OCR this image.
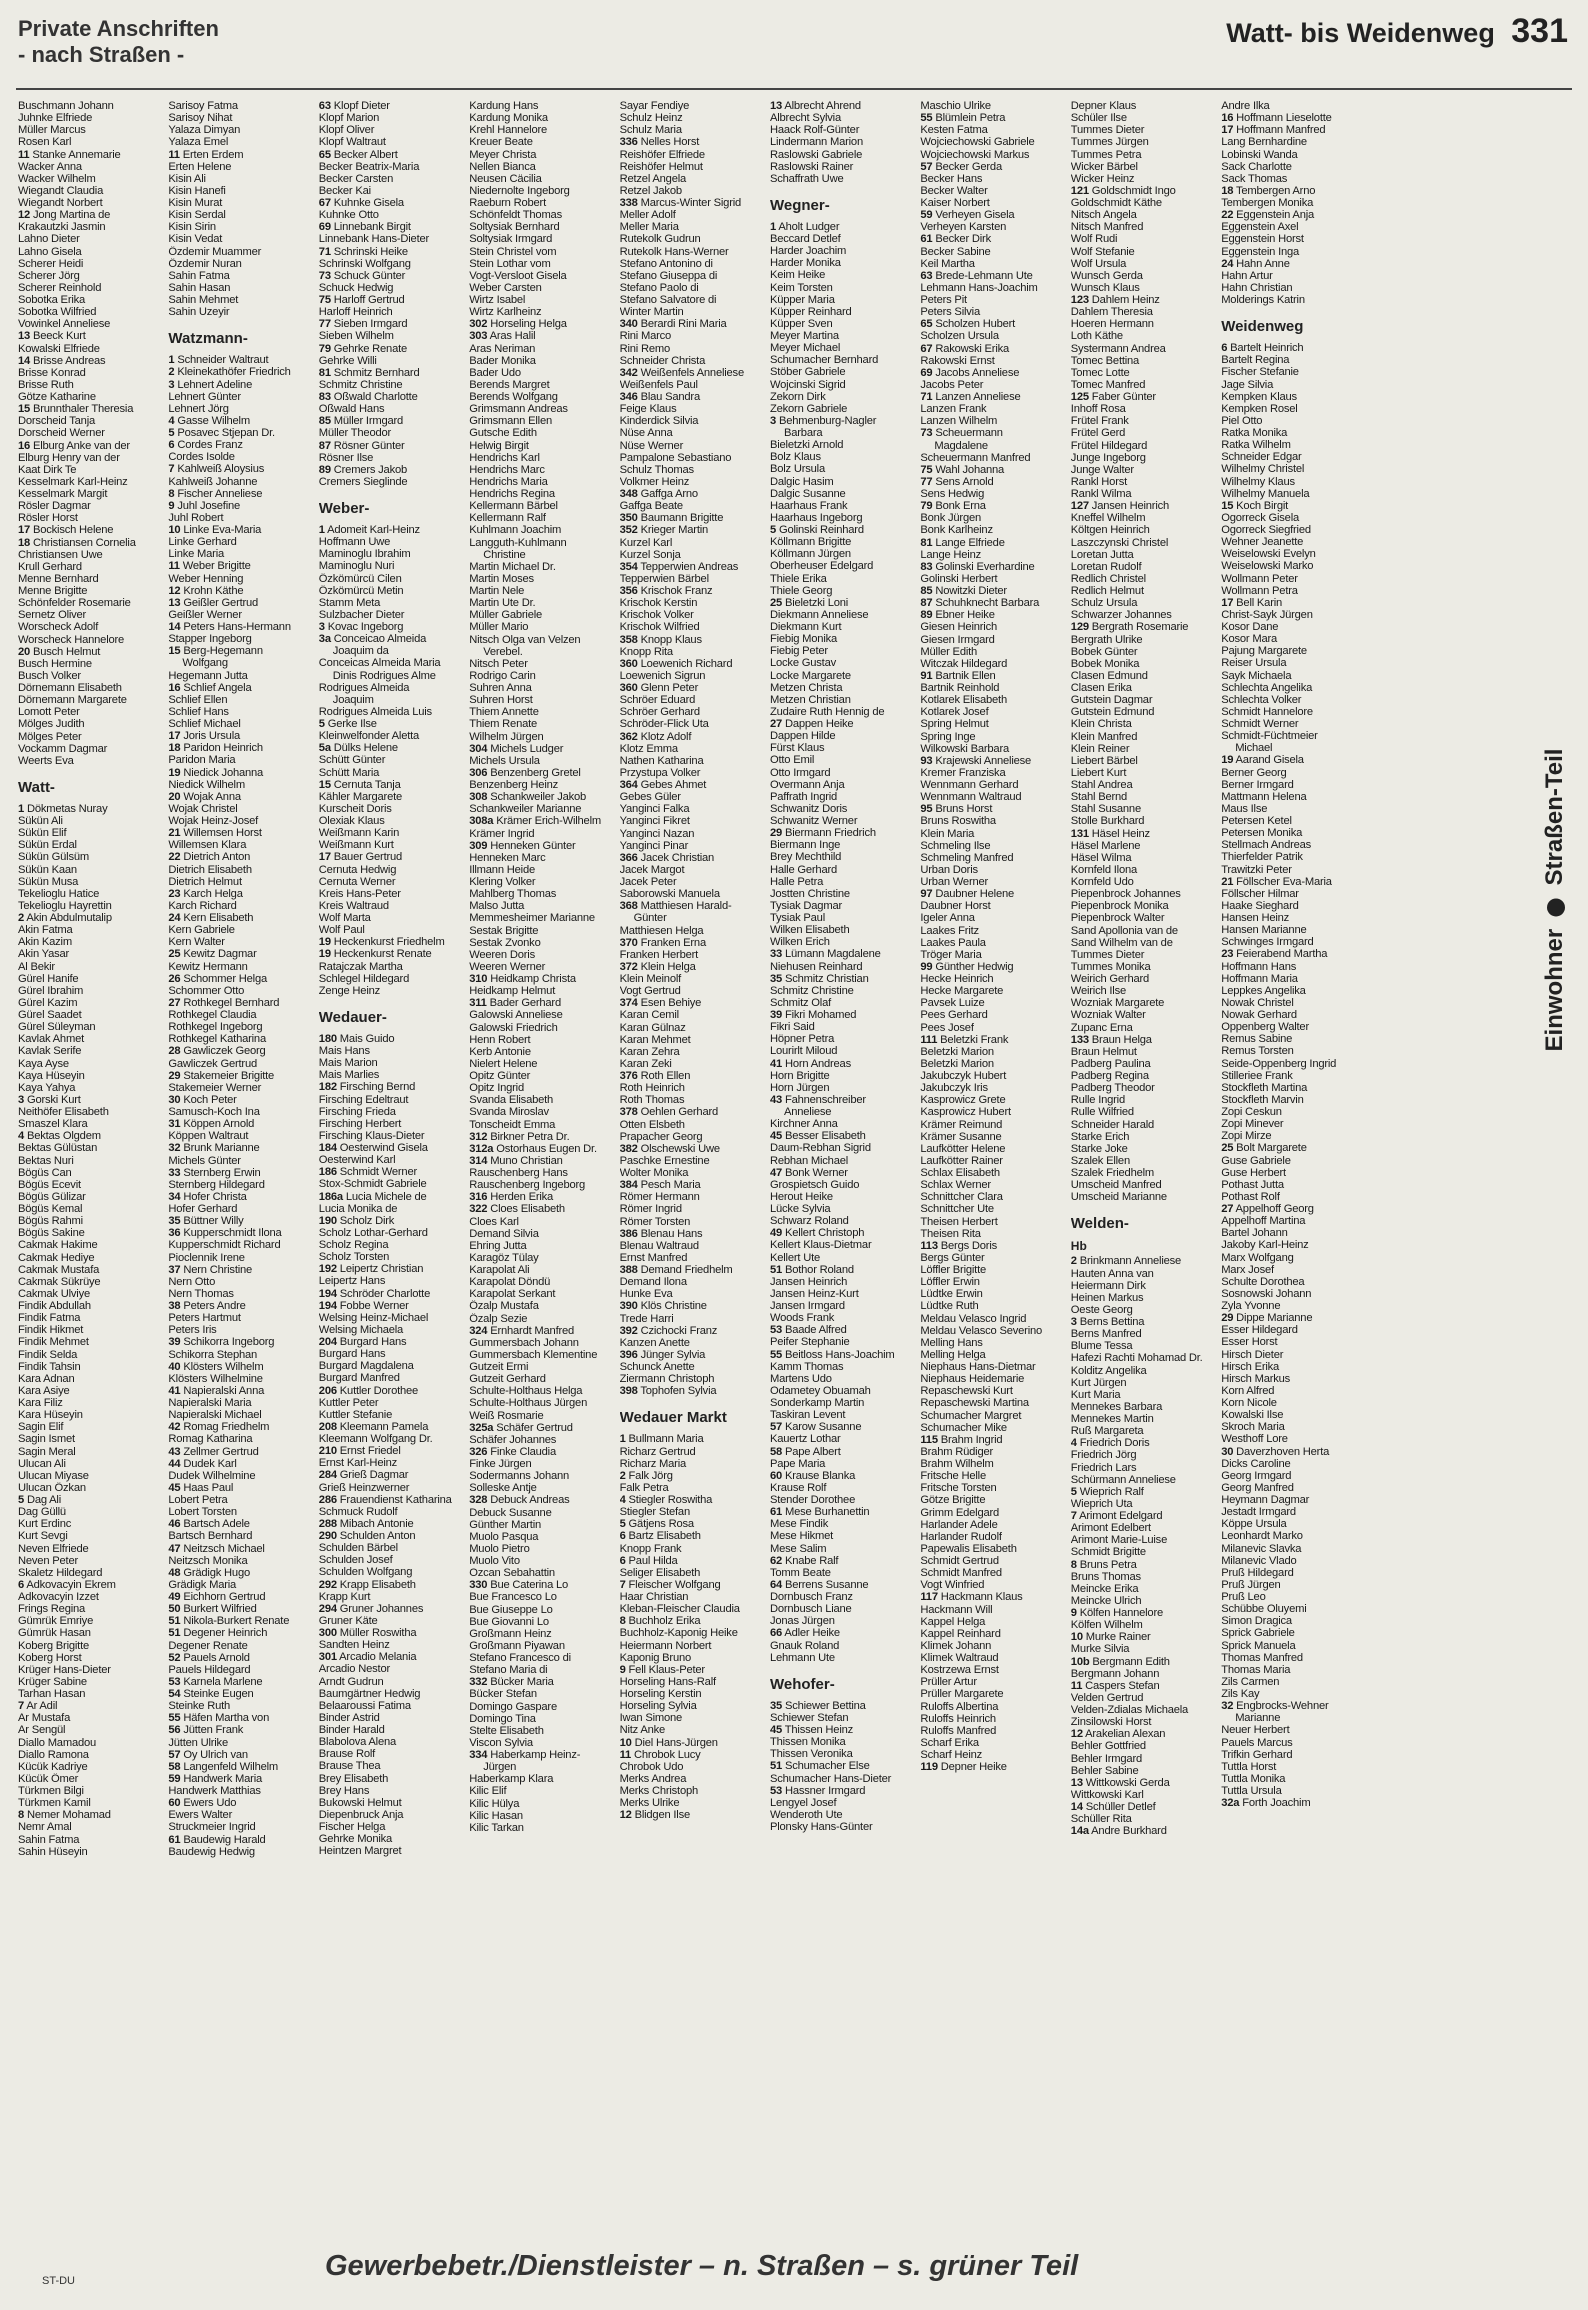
Private Anschriften
- nach Straßen -
Watt- bis Weidenweg 331
Buschmann Johann
Juhnke Elfriede
Müller Marcus
Rosen Karl
11 Stanke Annemarie
Wacker Anna
Wacker Wilhelm
Wiegandt Claudia
Wiegandt Norbert
12 Jong Martina de
Krakautzki Jasmin
Lahno Dieter
Lahno Gisela
Scherer Heidi
Scherer Jörg
Scherer Reinhold
Sobotka Erika
Sobotka Wilfried
Vowinkel Anneliese
13 Beeck Kurt
Kowalski Elfriede
14 Brisse Andreas
Brisse Konrad
Brisse Ruth
Götze Katharine
15 Brunnthaler Theresia
Dorscheid Tanja
Dorscheid Werner
16 Elburg Anke van der
Elburg Henry van der
Kaat Dirk Te
Kesselmark Karl-Heinz
Kesselmark Margit
Rösler Dagmar
Rösler Horst
17 Bockisch Helene
18 Christiansen Cornelia
Christiansen Uwe
Krull Gerhard
Menne Bernhard
Menne Brigitte
Schönfelder Rosemarie
Sernetz Oliver
Worscheck Adolf
Worscheck Hannelore
20 Busch Helmut
Busch Hermine
Busch Volker
Dörnemann Elisabeth
Dörnemann Margarete
Lomott Peter
Mölges Judith
Mölges Peter
Vockamm Dagmar
Weerts Eva
Watt-
1 Dökmetas Nuray
Sükün Ali
Sükün Elif
Sükün Erdal
Sükün Gülsüm
Sükün Kaan
Sükün Musa
Tekelioglu Hatice
Tekelioglu Hayrettin
2 Akin Abdulmutalip
Akin Fatma
Akin Kazim
Akin Yasar
Al Bekir
Gürel Hanife
Gürel Ibrahim
Gürel Kazim
Gürel Saadet
Gürel Süleyman
Kavlak Ahmet
Kavlak Serife
Kaya Ayse
Kaya Hüseyin
Kaya Yahya
3 Gorski Kurt
Neithöfer Elisabeth
Smaszel Klara
4 Bektas Olgdem
Bektas Gülüstan
Bektas Nuri
Bögüs Can
Bögüs Ecevit
Bögüs Gülizar
Bögüs Kemal
Bögüs Rahmi
Bögüs Sakine
Cakmak Hakime
Cakmak Hediye
Cakmak Mustafa
Cakmak Sükrüye
Cakmak Ulviye
Findik Abdullah
Findik Fatma
Findik Hikmet
Findik Mehmet
Findik Selda
Findik Tahsin
Kara Adnan
Kara Asiye
Kara Filiz
Kara Hüseyin
Sagin Elif
Sagin Ismet
Sagin Meral
Ulucan Ali
Ulucan Miyase
Ulucan Özkan
5 Dag Ali
Dag Güllü
Kurt Erdinc
Kurt Sevgi
Neven Elfriede
Neven Peter
Skaletz Hildegard
6 Adkovacyin Ekrem
Adkovacyin Izzet
Frings Regina
Gümrük Emriye
Gümrük Hasan
Koberg Brigitte
Koberg Horst
Krüger Hans-Dieter
Krüger Sabine
Tarhan Hasan
7 Ar Adil
Ar Mustafa
Ar Sengül
Diallo Mamadou
Diallo Ramona
Kücük Kadriye
Kücük Ömer
Türkmen Bilgi
Türkmen Kamil
8 Nemer Mohamad
Nemr Amal
Sahin Fatma
Sahin Hüseyin
Sarisoy Fatma
Sarisoy Nihat
Yalaza Dimyan
Yalaza Emel
11 Erten Erdem
Erten Helene
Kisin Ali
Kisin Hanefi
Kisin Murat
Kisin Serdal
Kisin Sirin
Kisin Vedat
Özdemir Muammer
Özdemir Nuran
Sahin Fatma
Sahin Hasan
Sahin Mehmet
Sahin Uzeyir
Watzmann-
1 Schneider Waltraut
2 Kleinekathöfer Friedrich
3 Lehnert Adeline
Lehnert Günter
Lehnert Jörg
4 Gasse Wilhelm
5 Posavec Stjepan Dr.
6 Cordes Franz
Cordes Isolde
7 Kahlweiß Aloysius
Kahlweiß Johanne
8 Fischer Anneliese
9 Juhl Josefine
Juhl Robert
10 Linke Eva-Maria
Linke Gerhard
Linke Maria
11 Weber Brigitte
Weber Henning
12 Krohn Käthe
13 Geißler Gertrud
Geißler Werner
14 Peters Hans-Hermann
Stapper Ingeborg
15 Berg-Hegemann
Wolfgang
Hegemann Jutta
16 Schlief Angela
Schlief Ellen
Schlief Hans
Schlief Michael
17 Joris Ursula
18 Paridon Heinrich
Paridon Maria
19 Niedick Johanna
Niedick Wilhelm
20 Wojak Anna
Wojak Christel
Wojak Heinz-Josef
21 Willemsen Horst
Willemsen Klara
22 Dietrich Anton
Dietrich Elisabeth
Dietrich Helmut
23 Karch Helga
Karch Richard
24 Kern Elisabeth
Kern Gabriele
Kern Walter
25 Kewitz Dagmar
Kewitz Hermann
26 Schommer Helga
Schommer Otto
27 Rothkegel Bernhard
Rothkegel Claudia
Rothkegel Ingeborg
Rothkegel Katharina
28 Gawliczek Georg
Gawliczek Gertrud
29 Stakemeier Brigitte
Stakemeier Werner
30 Koch Peter
Samusch-Koch Ina
31 Köppen Arnold
Köppen Waltraut
32 Brunk Marianne
Michels Günter
33 Sternberg Erwin
Sternberg Hildegard
34 Hofer Christa
Hofer Gerhard
35 Büttner Willy
36 Kupperschmidt Ilona
Kupperschmidt Richard
Pioclennik Irene
37 Nern Christine
Nern Otto
Nern Thomas
38 Peters Andre
Peters Hartmut
Peters Iris
39 Schikorra Ingeborg
Schikorra Stephan
40 Klösters Wilhelm
Klösters Wilhelmine
41 Napieralski Anna
Napieralski Maria
Napieralski Michael
42 Romag Friedhelm
Romag Katharina
43 Zellmer Gertrud
44 Dudek Karl
Dudek Wilhelmine
45 Haas Paul
Lobert Petra
Lobert Torsten
46 Bartsch Adele
Bartsch Bernhard
47 Neitzsch Michael
Neitzsch Monika
48 Grädigk Hugo
Grädigk Maria
49 Eichhorn Gertrud
50 Burkert Wilfried
51 Nikola-Burkert Renate
51 Degener Heinrich
Degener Renate
52 Pauels Arnold
Pauels Hildegard
53 Karnela Marlene
54 Steinke Eugen
Steinke Ruth
55 Häfen Martha von
56 Jütten Frank
Jütten Ulrike
57 Oy Ulrich van
58 Langenfeld Wilhelm
59 Handwerk Maria
Handwerk Matthias
60 Ewers Udo
Ewers Walter
Struckmeier Ingrid
61 Baudewig Harald
Baudewig Hedwig
63 Klopf Dieter
Klopf Marion
Klopf Oliver
Klopf Waltraut
65 Becker Albert
Becker Beatrix-Maria
Becker Carsten
Becker Kai
67 Kuhnke Gisela
Kuhnke Otto
69 Linnebank Birgit
Linnebank Hans-Dieter
71 Schrinski Heike
Schrinski Wolfgang
73 Schuck Günter
Schuck Hedwig
75 Harloff Gertrud
Harloff Heinrich
77 Sieben Irmgard
Sieben Wilhelm
79 Gehrke Renate
Gehrke Willi
81 Schmitz Bernhard
Schmitz Christine
83 Oßwald Charlotte
Oßwald Hans
85 Müller Irmgard
Müller Theodor
87 Rösner Günter
Rösner Ilse
89 Cremers Jakob
Cremers Sieglinde
Weber-
1 Adomeit Karl-Heinz
Hoffmann Uwe
Maminoglu Ibrahim
Maminoglu Nuri
Özkömürcü Cilen
Özkömürcü Metin
Stamm Meta
Sulzbacher Dieter
3 Kovac Ingeborg
3a Conceicao Almeida
Joaquim da
Conceicas Almeida Maria
Dinis Rodrigues Alme
Rodrigues Almeida
Joaquim
Rodrigues Almeida Luis
5 Gerke Ilse
Kleinwelfonder Aletta
5a Dülks Helene
Schütt Günter
Schütt Maria
15 Cernuta Tanja
Kähler Margarete
Kurscheit Doris
Olexiak Klaus
Weißmann Karin
Weißmann Kurt
17 Bauer Gertrud
Cernuta Hedwig
Cernuta Werner
Kreis Hans-Peter
Kreis Waltraud
Wolf Marta
Wolf Paul
19 Heckenkurst Friedhelm
19 Heckenkurst Renate
Ratajczak Martha
Schlegel Hildegard
Zenge Heinz
Wedauer-
180 Mais Guido
Mais Hans
Mais Marion
Mais Marlies
182 Firsching Bernd
Firsching Edeltraut
Firsching Frieda
Firsching Herbert
Firsching Klaus-Dieter
184 Oesterwind Gisela
Oesterwind Karl
186 Schmidt Werner
Stox-Schmidt Gabriele
186a Lucia Michele de
Lucia Monika de
190 Scholz Dirk
Scholz Lothar-Gerhard
Scholz Regina
Scholz Torsten
192 Leipertz Christian
Leipertz Hans
194 Schröder Charlotte
194 Fobbe Werner
Welsing Heinz-Michael
Welsing Michaela
204 Burgard Hans
Burgard Hans
Burgard Magdalena
Burgard Manfred
206 Kuttler Dorothee
Kuttler Peter
Kuttler Stefanie
208 Kleemann Pamela
Kleemann Wolfgang Dr.
210 Ernst Friedel
Ernst Karl-Heinz
284 Grieß Dagmar
Grieß Heinzwerner
286 Frauendienst Katharina
Schmuck Rudolf
288 Mibach Antonie
290 Schulden Anton
Schulden Bärbel
Schulden Josef
Schulden Wolfgang
292 Krapp Elisabeth
Krapp Kurt
294 Gruner Johannes
Gruner Käte
300 Müller Roswitha
Sandten Heinz
301 Arcadio Melania
Arcadio Nestor
Arndt Gudrun
Baumgärtner Hedwig
Belaaroussi Fatima
Binder Astrid
Binder Harald
Blabolova Alena
Brause Rolf
Brause Thea
Brey Elisabeth
Brey Hans
Bukowski Helmut
Diepenbruck Anja
Fischer Helga
Gehrke Monika
Heintzen Margret
Kardung Hans
Kardung Monika
Krehl Hannelore
Kreuer Beate
Meyer Christa
Nellen Bianca
Neusen Cäcilia
Niedernolte Ingeborg
Raeburn Robert
Schönfeldt Thomas
Soltysiak Bernhard
Soltysiak Irmgard
Stein Christel vom
Stein Lothar vom
Vogt-Versloot Gisela
Weber Carsten
Wirtz Isabel
Wirtz Karlheinz
302 Horseling Helga
303 Aras Halil
Aras Neriman
Bader Monika
Bader Udo
Berends Margret
Berends Wolfgang
Grimsmann Andreas
Grimsmann Ellen
Gutsche Edith
Helwig Birgit
Hendrichs Karl
Hendrichs Marc
Hendrichs Maria
Hendrichs Regina
Kellermann Bärbel
Kellermann Ralf
Kuhlmann Joachim
Langguth-Kuhlmann
Christine
Martin Michael Dr.
Martin Moses
Martin Nele
Martin Ute Dr.
Müller Gabriele
Müller Mario
Nitsch Olga van Velzen
Verebel.
Nitsch Peter
Rodrigo Carin
Suhren Anna
Suhren Horst
Thiem Annette
Thiem Renate
Wilhelm Jürgen
304 Michels Ludger
Michels Ursula
306 Benzenberg Gretel
Benzenberg Heinz
308 Schankweiler Jakob
Schankweiler Marianne
308a Krämer Erich-Wilhelm
Krämer Ingrid
309 Henneken Günter
Henneken Marc
Illmann Heide
Klering Volker
Mahlberg Thomas
Malso Jutta
Memmesheimer Marianne
Sestak Brigitte
Sestak Zvonko
Weeren Doris
Weeren Werner
310 Heidkamp Christa
Heidkamp Helmut
311 Bader Gerhard
Galowski Anneliese
Galowski Friedrich
Henn Robert
Kerb Antonie
Nielert Helene
Opitz Günter
Opitz Ingrid
Svanda Elisabeth
Svanda Miroslav
Tonscheidt Emma
312 Birkner Petra Dr.
312a Ostorhaus Eugen Dr.
314 Muno Christian
Rauschenberg Hans
Rauschenberg Ingeborg
316 Herden Erika
322 Cloes Elisabeth
Cloes Karl
Demand Silvia
Ehring Jutta
Karagöz Tülay
Karapolat Ali
Karapolat Döndü
Karapolat Serkant
Özalp Mustafa
Özalp Sezie
324 Ernhardt Manfred
Gummersbach Johann
Gummersbach Klementine
Gutzeit Ermi
Gutzeit Gerhard
Schulte-Holthaus Helga
Schulte-Holthaus Jürgen
Weiß Rosmarie
325a Schäfer Gertrud
Schäfer Johannes
326 Finke Claudia
Finke Jürgen
Sodermanns Johann
Solleske Antje
328 Debuck Andreas
Debuck Susanne
Günther Martin
Muolo Pasqua
Muolo Pietro
Muolo Vito
Ozcan Sebahattin
330 Bue Caterina Lo
Bue Francesco Lo
Bue Giuseppe Lo
Bue Giovanni Lo
Großmann Heinz
Großmann Piyawan
Stefano Francesco di
Stefano Maria di
332 Bücker Maria
Bücker Stefan
Domingo Gaspare
Domingo Tina
Stelte Elisabeth
Viscon Sylvia
334 Haberkamp Heinz-
Jürgen
Haberkamp Klara
Kilic Elif
Kilic Hülya
Kilic Hasan
Kilic Tarkan
Sayar Fendiye
Schulz Heinz
Schulz Maria
336 Nelles Horst
Reishöfer Elfriede
Reishöfer Helmut
Retzel Angela
Retzel Jakob
338 Marcus-Winter Sigrid
Meller Adolf
Meller Maria
Rutekolk Gudrun
Rutekolk Hans-Werner
Stefano Antonino di
Stefano Giuseppa di
Stefano Paolo di
Stefano Salvatore di
Winter Martin
340 Berardi Rini Maria
Rini Marco
Rini Remo
Schneider Christa
342 Weißenfels Anneliese
Weißenfels Paul
346 Blau Sandra
Feige Klaus
Kinderdick Silvia
Nüse Anna
Nüse Werner
Pampalone Sebastiano
Schulz Thomas
Volkmer Heinz
348 Gaffga Arno
Gaffga Beate
350 Baumann Brigitte
352 Krieger Martin
Kurzel Karl
Kurzel Sonja
354 Tepperwien Andreas
Tepperwien Bärbel
356 Krischok Franz
Krischok Kerstin
Krischok Volker
Krischok Wilfried
358 Knopp Klaus
Knopp Rita
360 Loewenich Richard
Loewenich Sigrun
360 Glenn Peter
Schröer Eduard
Schröer Gerhard
Schröder-Flick Uta
362 Klotz Adolf
Klotz Emma
Nathen Katharina
Przystupa Volker
364 Gebes Ahmet
Gebes Güler
Yanginci Falka
Yanginci Fikret
Yanginci Nazan
Yanginci Pinar
366 Jacek Christian
Jacek Margot
Jacek Peter
Saborowski Manuela
368 Matthiesen Harald-
Günter
Matthiesen Helga
370 Franken Erna
Franken Herbert
372 Klein Helga
Klein Meinolf
Vogt Gertrud
374 Esen Behiye
Karan Cemil
Karan Gülnaz
Karan Mehmet
Karan Zehra
Karan Zeki
376 Roth Ellen
Roth Heinrich
Roth Thomas
378 Oehlen Gerhard
Otten Elsbeth
Prapacher Georg
382 Olschewski Uwe
Paschke Ernestine
Wolter Monika
384 Pesch Maria
Römer Hermann
Römer Ingrid
Römer Torsten
386 Blenau Hans
Blenau Waltraud
Ernst Manfred
388 Demand Friedhelm
Demand Ilona
Hunke Eva
390 Klös Christine
Trede Harri
392 Czichocki Franz
Kanzen Anette
396 Jünger Sylvia
Schunck Anette
Ziermann Christoph
398 Tophofen Sylvia
Wedauer Markt
1 Bullmann Maria
Richarz Gertrud
Richarz Maria
2 Falk Jörg
Falk Petra
4 Stiegler Roswitha
Stiegler Stefan
5 Gätjens Rosa
6 Bartz Elisabeth
Knopp Frank
6 Paul Hilda
Seliger Elisabeth
7 Fleischer Wolfgang
Haar Christian
Kleban-Fleischer Claudia
8 Buchholz Erika
Buchholz-Kaponig Heike
Heiermann Norbert
Kaponig Bruno
9 Fell Klaus-Peter
Horseling Hans-Ralf
Horseling Kerstin
Horseling Sylvia
Iwan Simone
Nitz Anke
10 Diel Hans-Jürgen
11 Chrobok Lucy
Chrobok Udo
Merks Andrea
Merks Christoph
Merks Ulrike
12 Blidgen Ilse
13 Albrecht Ahrend
Albrecht Sylvia
Haack Rolf-Günter
Lindermann Marion
Raslowski Gabriele
Raslowski Rainer
Schaffrath Uwe
Wegner-
1 Aholt Ludger
Beccard Detlef
Harder Joachim
Harder Monika
Keim Heike
Keim Torsten
Küpper Maria
Küpper Reinhard
Küpper Sven
Meyer Martina
Meyer Michael
Schumacher Bernhard
Stöber Gabriele
Wojcinski Sigrid
Zekorn Dirk
Zekorn Gabriele
3 Behmenburg-Nagler
Barbara
Bieletzki Arnold
Bolz Klaus
Bolz Ursula
Dalgic Hasim
Dalgic Susanne
Haarhaus Frank
Haarhaus Ingeborg
5 Golinski Reinhard
Köllmann Brigitte
Köllmann Jürgen
Oberheuser Edelgard
Thiele Erika
Thiele Georg
25 Bieletzki Loni
Diekmann Anneliese
Diekmann Kurt
Fiebig Monika
Fiebig Peter
Locke Gustav
Locke Margarete
Metzen Christa
Metzen Christian
Zudaire Ruth Hennig de
27 Dappen Heike
Dappen Hilde
Fürst Klaus
Otto Emil
Otto Irmgard
Overmann Anja
Paffrath Ingrid
Schwanitz Doris
Schwanitz Werner
29 Biermann Friedrich
Biermann Inge
Brey Mechthild
Halle Gerhard
Halle Petra
Jostten Christine
Tysiak Dagmar
Tysiak Paul
Wilken Elisabeth
Wilken Erich
33 Lümann Magdalene
Niehusen Reinhard
35 Schmitz Christian
Schmitz Christine
Schmitz Olaf
39 Fikri Mohamed
Fikri Said
Höpner Petra
Lourirlt Miloud
41 Horn Andreas
Horn Brigitte
Horn Jürgen
43 Fahnenschreiber
Anneliese
Kirchner Anna
45 Besser Elisabeth
Daum-Rebhan Sigrid
Rebhan Michael
47 Bonk Werner
Grospietsch Guido
Herout Heike
Lücke Sylvia
Schwarz Roland
49 Kellert Christoph
Kellert Klaus-Dietmar
Kellert Ute
51 Bothor Roland
Jansen Heinrich
Jansen Heinz-Kurt
Jansen Irmgard
Woods Frank
53 Baade Alfred
Peifer Stephanie
55 Beitloss Hans-Joachim
Kamm Thomas
Martens Udo
Odametey Obuamah
Sonderkamp Martin
Taskiran Levent
57 Karow Susanne
Kauertz Lothar
58 Pape Albert
Pape Maria
60 Krause Blanka
Krause Rolf
Stender Dorothee
61 Mese Burhanettin
Mese Findik
Mese Hikmet
Mese Salim
62 Knabe Ralf
Tomm Beate
64 Berrens Susanne
Dornbusch Franz
Dornbusch Liane
Jonas Jürgen
66 Adler Heike
Gnauk Roland
Lehmann Ute
Wehofer-
35 Schiewer Bettina
Schiewer Stefan
45 Thissen Heinz
Thissen Monika
Thissen Veronika
51 Schumacher Else
Schumacher Hans-Dieter
53 Hassner Irmgard
Lengyel Josef
Wenderoth Ute
Plonsky Hans-Günter
Maschio Ulrike
55 Blümlein Petra
Kesten Fatma
Wojciechowski Gabriele
Wojciechowski Markus
57 Becker Gerda
Becker Hans
Becker Walter
Kaiser Norbert
59 Verheyen Gisela
Verheyen Karsten
61 Becker Dirk
Becker Sabine
Keil Martha
63 Brede-Lehmann Ute
Lehmann Hans-Joachim
Peters Pit
Peters Silvia
65 Scholzen Hubert
Scholzen Ursula
67 Rakowski Erika
Rakowski Ernst
69 Jacobs Anneliese
Jacobs Peter
71 Lanzen Anneliese
Lanzen Frank
Lanzen Wilhelm
73 Scheuermann
Magdalene
Scheuermann Manfred
75 Wahl Johanna
77 Sens Arnold
Sens Hedwig
79 Bonk Erna
Bonk Jürgen
Bonk Karlheinz
81 Lange Elfriede
Lange Heinz
83 Golinski Everhardine
Golinski Herbert
85 Nowitzki Dieter
87 Schuhknecht Barbara
89 Ebner Heike
Giesen Heinrich
Giesen Irmgard
Müller Edith
Witczak Hildegard
91 Bartnik Ellen
Bartnik Reinhold
Kotlarek Elisabeth
Kotlarek Josef
Spring Helmut
Spring Inge
Wilkowski Barbara
93 Krajewski Anneliese
Kremer Franziska
Wennmann Gerhard
Wennmann Waltraud
95 Bruns Horst
Bruns Roswitha
Klein Maria
Schmeling Ilse
Schmeling Manfred
Urban Doris
Urban Werner
97 Daubner Helene
Daubner Horst
Igeler Anna
Laakes Fritz
Laakes Paula
Tröger Maria
99 Günther Hedwig
Hecke Heinrich
Hecke Margarete
Pavsek Luize
Pees Gerhard
Pees Josef
111 Beletzki Frank
Beletzki Marion
Beletzki Marion
Jakubczyk Hubert
Jakubczyk Iris
Kasprowicz Grete
Kasprowicz Hubert
Krämer Reimund
Krämer Susanne
Laufkötter Helene
Laufkötter Rainer
Schlax Elisabeth
Schlax Werner
Schnittcher Clara
Schnittcher Ute
Theisen Herbert
Theisen Rita
113 Bergs Doris
Bergs Günter
Löffler Brigitte
Löffler Erwin
Lüdtke Erwin
Lüdtke Ruth
Meldau Velasco Ingrid
Meldau Velasco Severino
Melling Hans
Melling Helga
Niephaus Hans-Dietmar
Niephaus Heidemarie
Repaschewski Kurt
Repaschewski Martina
Schumacher Margret
Schumacher Mike
115 Brahm Ingrid
Brahm Rüdiger
Brahm Wilhelm
Fritsche Helle
Fritsche Torsten
Götze Brigitte
Grimm Edelgard
Harlander Adele
Harlander Rudolf
Papewalis Elisabeth
Schmidt Gertrud
Schmidt Manfred
Vogt Winfried
117 Hackmann Klaus
Hackmann Will
Kappel Helga
Kappel Reinhard
Klimek Johann
Klimek Waltraud
Kostrzewa Ernst
Prüller Artur
Prüller Margarete
Ruloffs Albertina
Ruloffs Heinrich
Ruloffs Manfred
Scharf Erika
Scharf Heinz
119 Depner Heike
Depner Klaus
Schüler Ilse
Tummes Dieter
Tummes Jürgen
Tummes Petra
Wicker Bärbel
Wicker Heinz
121 Goldschmidt Ingo
Goldschmidt Käthe
Nitsch Angela
Nitsch Manfred
Wolf Rudi
Wolf Stefanie
Wolf Ursula
Wunsch Gerda
Wunsch Klaus
123 Dahlem Heinz
Dahlem Theresia
Hoeren Hermann
Loth Käthe
Systermann Andrea
Tomec Bettina
Tomec Lotte
Tomec Manfred
125 Faber Günter
Inhoff Rosa
Frütel Frank
Frütel Gerd
Frütel Hildegard
Junge Ingeborg
Junge Walter
Rankl Horst
Rankl Wilma
127 Jansen Heinrich
Kneffel Wilhelm
Költgen Heinrich
Laszczynski Christel
Loretan Jutta
Loretan Rudolf
Redlich Christel
Redlich Helmut
Schulz Ursula
Schwarzer Johannes
129 Bergrath Rosemarie
Bergrath Ulrike
Bobek Günter
Bobek Monika
Clasen Edmund
Clasen Erika
Gutstein Dagmar
Gutstein Edmund
Klein Christa
Klein Manfred
Klein Reiner
Liebert Bärbel
Liebert Kurt
Stahl Andrea
Stahl Bernd
Stahl Susanne
Stolle Burkhard
131 Häsel Heinz
Häsel Marlene
Häsel Wilma
Kornfeld Ilona
Kornfeld Udo
Piepenbrock Johannes
Piepenbrock Monika
Piepenbrock Walter
Sand Apollonia van de
Sand Wilhelm van de
Tummes Dieter
Tummes Monika
Weirich Gerhard
Weirich Ilse
Wozniak Margarete
Wozniak Walter
Zupanc Erna
133 Braun Helga
Braun Helmut
Padberg Paulina
Padberg Regina
Padberg Theodor
Rulle Ingrid
Rulle Wilfried
Schneider Harald
Starke Erich
Starke Joke
Szalek Ellen
Szalek Friedhelm
Umscheid Manfred
Umscheid Marianne
Welden-
Hb
2 Brinkmann Anneliese
Hauten Anna van
Heiermann Dirk
Heinen Markus
Oeste Georg
3 Berns Bettina
Berns Manfred
Blume Tessa
Hafezi Rachti Mohamad Dr.
Kolditz Angelika
Kurt Jürgen
Kurt Maria
Mennekes Barbara
Mennekes Martin
Ruß Margareta
4 Friedrich Doris
Friedrich Jörg
Friedrich Lars
Schürmann Anneliese
5 Wieprich Ralf
Wieprich Uta
7 Arimont Edelgard
Arimont Edelbert
Arimont Marie-Luise
Schmidt Brigitte
8 Bruns Petra
Bruns Thomas
Meincke Erika
Meincke Ulrich
9 Kölfen Hannelore
Kölfen Wilhelm
10 Murke Rainer
Murke Silvia
10b Bergmann Edith
Bergmann Johann
11 Caspers Stefan
Velden Gertrud
Velden-Zdialas Michaela
Zinsilowski Horst
12 Arakelian Alexan
Behler Gottfried
Behler Irmgard
Behler Sabine
13 Wittkowski Gerda
Wittkowski Karl
14 Schüller Detlef
Schüller Rita
14a Andre Burkhard
Andre Ilka
16 Hoffmann Lieselotte
17 Hoffmann Manfred
Lang Bernhardine
Lobinski Wanda
Sack Charlotte
Sack Thomas
18 Tembergen Arno
Tembergen Monika
22 Eggenstein Anja
Eggenstein Axel
Eggenstein Horst
Eggenstein Inga
24 Hahn Anne
Hahn Artur
Hahn Christian
Molderings Katrin
Weidenweg
6 Bartelt Heinrich
Bartelt Regina
Fischer Stefanie
Jage Silvia
Kempken Klaus
Kempken Rosel
Piel Otto
Ratka Monika
Ratka Wilhelm
Schneider Edgar
Wilhelmy Christel
Wilhelmy Klaus
Wilhelmy Manuela
15 Koch Birgit
Ogorreck Gisela
Ogorreck Siegfried
Wehner Jeanette
Weiselowski Evelyn
Weiselowski Marko
Wollmann Peter
Wollmann Petra
17 Bell Karin
Christ-Sayk Jürgen
Kosor Dane
Kosor Mara
Pajung Margarete
Reiser Ursula
Sayk Michaela
Schlechta Angelika
Schlechta Volker
Schmidt Hannelore
Schmidt Werner
Schmidt-Füchtmeier
Michael
19 Aarand Gisela
Berner Georg
Berner Irmgard
Mattmann Helena
Maus Ilse
Petersen Ketel
Petersen Monika
Stellmach Andreas
Thierfelder Patrik
Trawitzki Peter
21 Föllscher Eva-Maria
Föllscher Hilmar
Haake Sieghard
Hansen Heinz
Hansen Marianne
Schwinges Irmgard
23 Feierabend Martha
Hoffmann Hans
Hoffmann Maria
Leppkes Angelika
Nowak Christel
Nowak Gerhard
Oppenberg Walter
Remus Sabine
Remus Torsten
Seide-Oppenberg Ingrid
Stilleriee Frank
Stockfleth Martina
Stockfleth Marvin
Zopi Ceskun
Zopi Minever
Zopi Mirze
25 Bolt Margarete
Guse Gabriele
Guse Herbert
Pothast Jutta
Pothast Rolf
27 Appelhoff Georg
Appelhoff Martina
Bartel Johann
Jakoby Karl-Heinz
Marx Wolfgang
Marx Josef
Schulte Dorothea
Sosnowski Johann
Zyla Yvonne
29 Dippe Marianne
Esser Hildegard
Esser Horst
Hirsch Dieter
Hirsch Erika
Hirsch Markus
Korn Alfred
Korn Nicole
Kowalski Ilse
Skroch Maria
Westhoff Lore
30 Daverzhoven Herta
Dicks Caroline
Georg Irmgard
Georg Manfred
Heymann Dagmar
Jestadt Irmgard
Köppe Ursula
Leonhardt Marko
Milanevic Slavka
Milanevic Vlado
Pruß Hildegard
Pruß Jürgen
Pruß Leo
Schübbe Oluyemi
Simon Dragica
Sprick Gabriele
Sprick Manuela
Thomas Manfred
Thomas Maria
Zils Carmen
Zils Kay
32 Engbrocks-Wehner
Marianne
Neuer Herbert
Pauels Marcus
Trifkin Gerhard
Tuttla Horst
Tuttla Monika
Tuttla Ursula
32a Forth Joachim
Einwohner  Straßen-Teil
Gewerbebetr./Dienstleister – n. Straßen – s. grüner Teil
ST-DU
